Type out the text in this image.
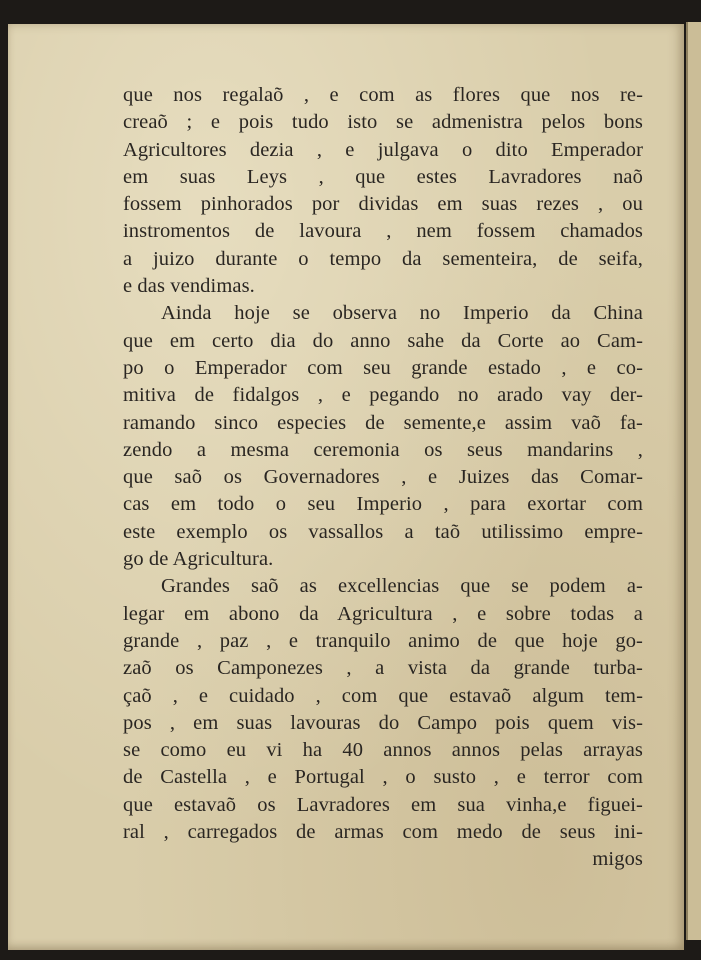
que nos regalaõ , e com as flores que nos re-
creaõ ; e pois tudo isto se admenistra pelos bons
Agricultores dezia , e julgava o dito Emperador
em suas Leys , que estes Lavradores naõ
fossem pinhorados por dividas em suas rezes , ou
instromentos de lavoura , nem fossem chamados
a juizo durante o tempo da sementeira, de seifa,
e das vendimas.
Ainda hoje se observa no Imperio da China
que em certo dia do anno sahe da Corte ao Cam-
po o Emperador com seu grande estado , e co-
mitiva de fidalgos , e pegando no arado vay der-
ramando sinco especies de semente,e assim vaõ fa-
zendo a mesma ceremonia os seus mandarins ,
que saõ os Governadores , e Juizes das Comar-
cas em todo o seu Imperio , para exortar com
este exemplo os vassallos a taõ utilissimo empre-
go de Agricultura.
Grandes saõ as excellencias que se podem a-
legar em abono da Agricultura , e sobre todas a
grande , paz , e tranquilo animo de que hoje go-
zaõ os Camponezes , a vista da grande turba-
çaõ , e cuidado , com que estavaõ algum tem-
pos , em suas lavouras do Campo pois quem vis-
se como eu vi ha 40 annos annos pelas arrayas
de Castella , e Portugal , o susto , e terror com
que estavaõ os Lavradores em sua vinha,e figuei-
ral , carregados de armas com medo de seus ini-
migos
